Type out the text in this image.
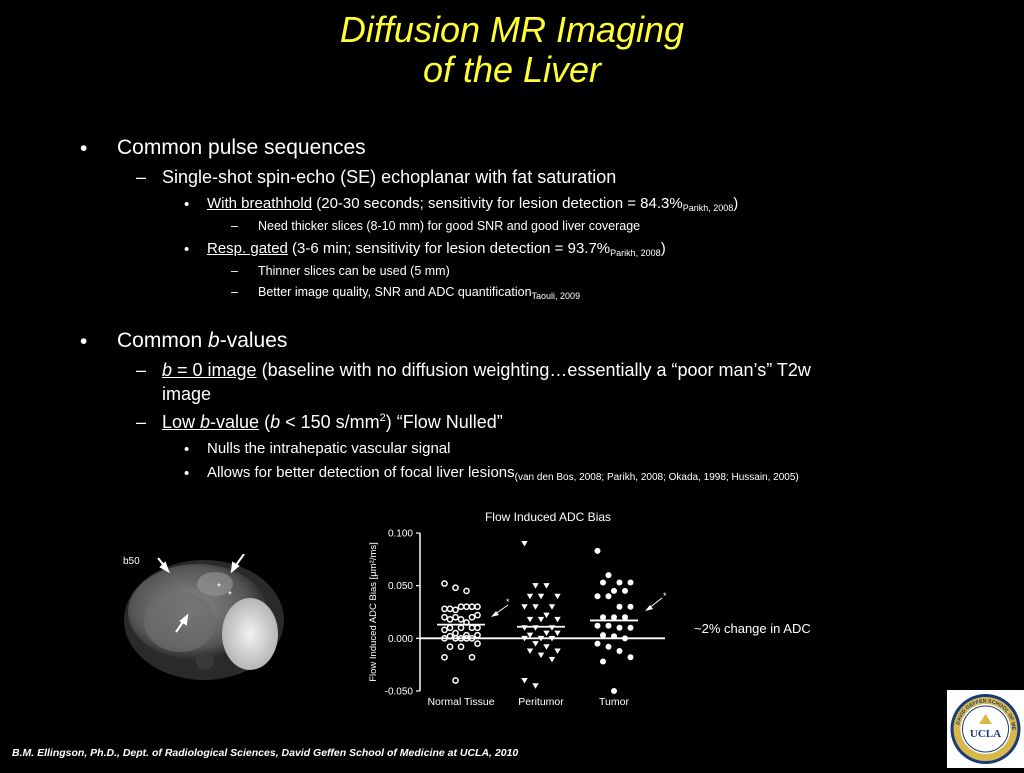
Diffusion MR Imaging
of the Liver
• Common pulse sequences
– Single-shot spin-echo (SE) echoplanar with fat saturation
• With breathhold (20-30 seconds; sensitivity for lesion detection = $84.3\%_{Parikh, 2008}$)
– Need thicker slices (8-10 mm) for good SNR and good liver coverage
• Resp. gated (3-6 min; sensitivity for lesion detection = $93.7\%_{Parikh, 2008}$)
– Thinner slices can be used (5 mm)
– Better image quality, SNR and ADC quantification$_{Taouli, 2009}$
• Common b-values
– b = 0 image (baseline with no diffusion weighting…essentially a “poor man’s” T2w
image
– Low b-value (b < 150 $s/mm^2$) “Flow Nulled”
• Nulls the intrahepatic vascular signal
• Allows for better detection of focal liver lesions$_{(van den Bos, 2008; Parikh, 2008; Okada, 1998; Hussain, 2005)}$
b50
*
*
Flow Induced ADC Bias
0.100
0.050
0.000
-0.050
Flow Induced ADC Bias [µm²/ms]
Normal Tissue Peritumor	Tumor
*
*
~2% change in ADC
B.M. Ellingson, Ph.D., Dept. of Radiological Sciences, David Geffen School of Medicine at UCLA, 2010
DAVID GEFFEN SCHOOL OF ME
UCLA
